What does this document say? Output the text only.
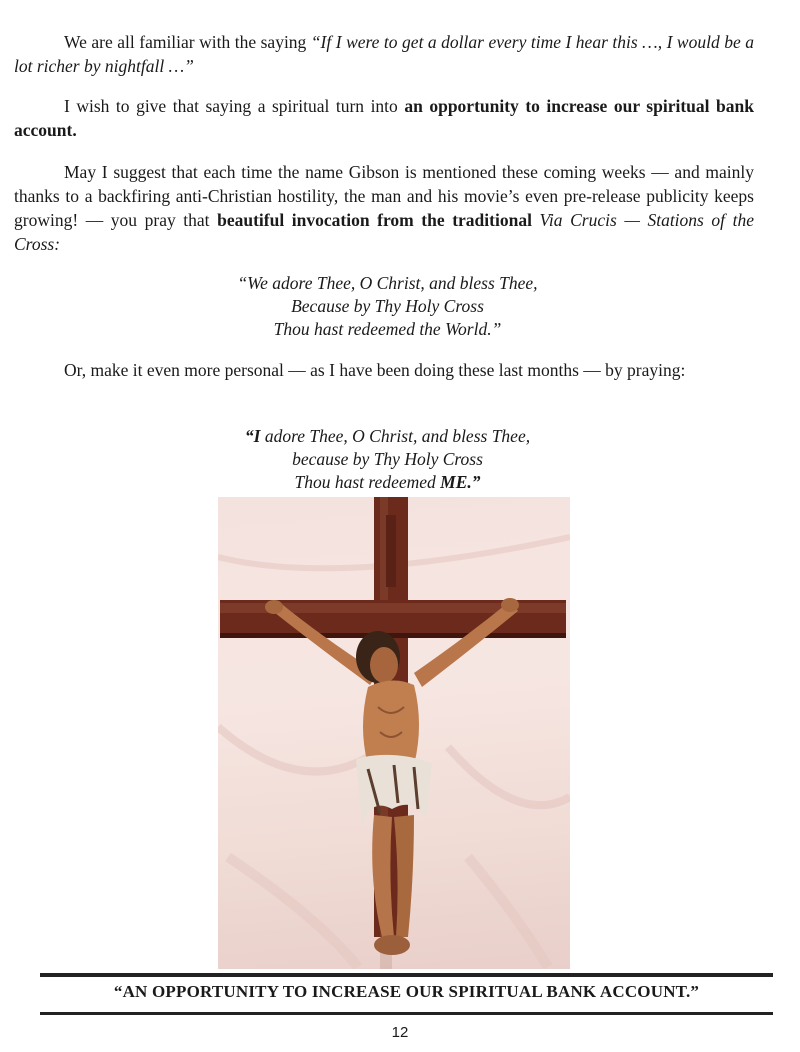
We are all familiar with the saying “If I were to get a dollar every time I hear this …, I would be a lot richer by nightfall …”

I wish to give that saying a spiritual turn into an opportunity to increase our spiritual bank account.

May I suggest that each time the name Gibson is mentioned these coming weeks — and mainly thanks to a backfiring anti-Christian hostility, the man and his movie’s even pre-release publicity keeps growing! — you pray that beautiful invocation from the traditional Via Crucis — Stations of the Cross:

“We adore Thee, O Christ, and bless Thee,
Because by Thy Holy Cross
Thou hast redeemed the World.”

Or, make it even more personal — as I have been doing these last months — by praying:

“I adore Thee, O Christ, and bless Thee,
because by Thy Holy Cross
Thou hast redeemed ME.”

“AN OPPORTUNITY TO INCREASE OUR SPIRITUAL BANK ACCOUNT.”

12
